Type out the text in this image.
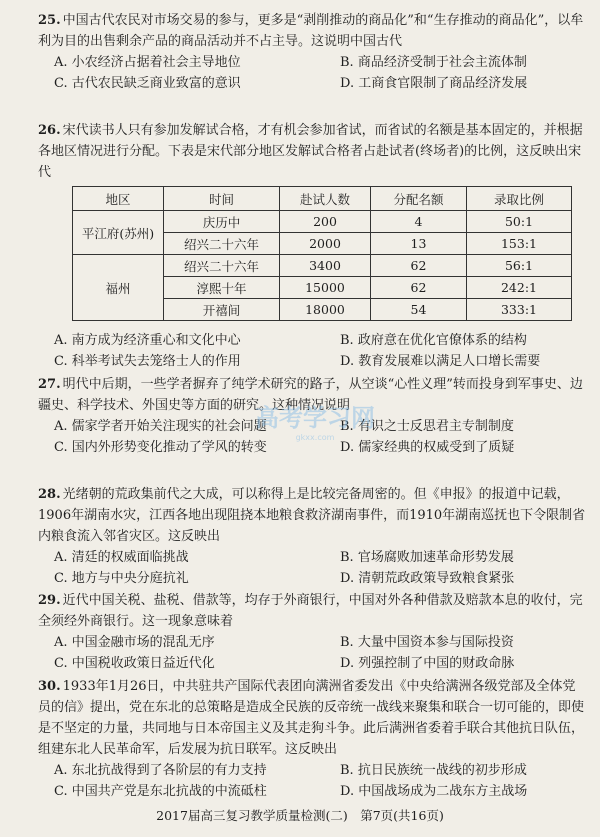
25. 中国古代农民对市场交易的参与，更多是“剥削推动的商品化”和“生存推动的商品化”，以牟利为目的出售剩余产品的商品活动并不占主导。这说明中国古代
A. 小农经济占据着社会主导地位	B. 商品经济受制于社会主流体制
C. 古代农民缺乏商业致富的意识	D. 工商食官限制了商品经济发展
26. 宋代读书人只有参加发解试合格，才有机会参加省试，而省试的名额是基本固定的，并根据各地区情况进行分配。下表是宋代部分地区发解试合格者占赴试者(终场者)的比例，这反映出宋代
地区	时间	赴试人数	分配名额	录取比例
平江府(苏州)	庆历中	200	4	50:1
	绍兴二十六年	2000	13	153:1
福州	绍兴二十六年	3400	62	56:1
	淳熙十年	15000	62	242:1
	开禧间	18000	54	333:1
A. 南方成为经济重心和文化中心	B. 政府意在优化官僚体系的结构
C. 科举考试失去笼络士人的作用	D. 教育发展难以满足人口增长需要
27. 明代中后期，一些学者摒弃了纯学术研究的路子，从空谈“心性义理”转而投身到军事史、边疆史、科学技术、外国史等方面的研究。这种情况说明
A. 儒家学者开始关注现实的社会问题	B. 有识之士反思君主专制制度
C. 国内外形势变化推动了学风的转变	D. 儒家经典的权威受到了质疑
28. 光绪朝的荒政集前代之大成，可以称得上是比较完备周密的。但《申报》的报道中记载，1906年湖南水灾，江西各地出现阻挠本地粮食救济湖南事件，而1910年湖南巡抚也下令限制省内粮食流入邻省灾区。这反映出
A. 清廷的权威面临挑战	B. 官场腐败加速革命形势发展
C. 地方与中央分庭抗礼	D. 清朝荒政政策导致粮食紧张
29. 近代中国关税、盐税、借款等，均存于外商银行，中国对外各种借款及赔款本息的收付，完全须经外商银行。这一现象意味着
A. 中国金融市场的混乱无序	B. 大量中国资本参与国际投资
C. 中国税收政策日益近代化	D. 列强控制了中国的财政命脉
30. 1933年1月26日，中共驻共产国际代表团向满洲省委发出《中央给满洲各级党部及全体党员的信》提出，党在东北的总策略是造成全民族的反帝统一战线来聚集和联合一切可能的，即使是不坚定的力量，共同地与日本帝国主义及其走狗斗争。此后满洲省委着手联合其他抗日队伍，组建东北人民革命军，后发展为抗日联军。这反映出
A. 东北抗战得到了各阶层的有力支持	B. 抗日民族统一战线的初步形成
C. 中国共产党是东北抗战的中流砥柱	D. 中国战场成为二战东方主战场
高考学习网
gkxx.com
2017届高三复习教学质量检测(二)　第7页(共16页)
